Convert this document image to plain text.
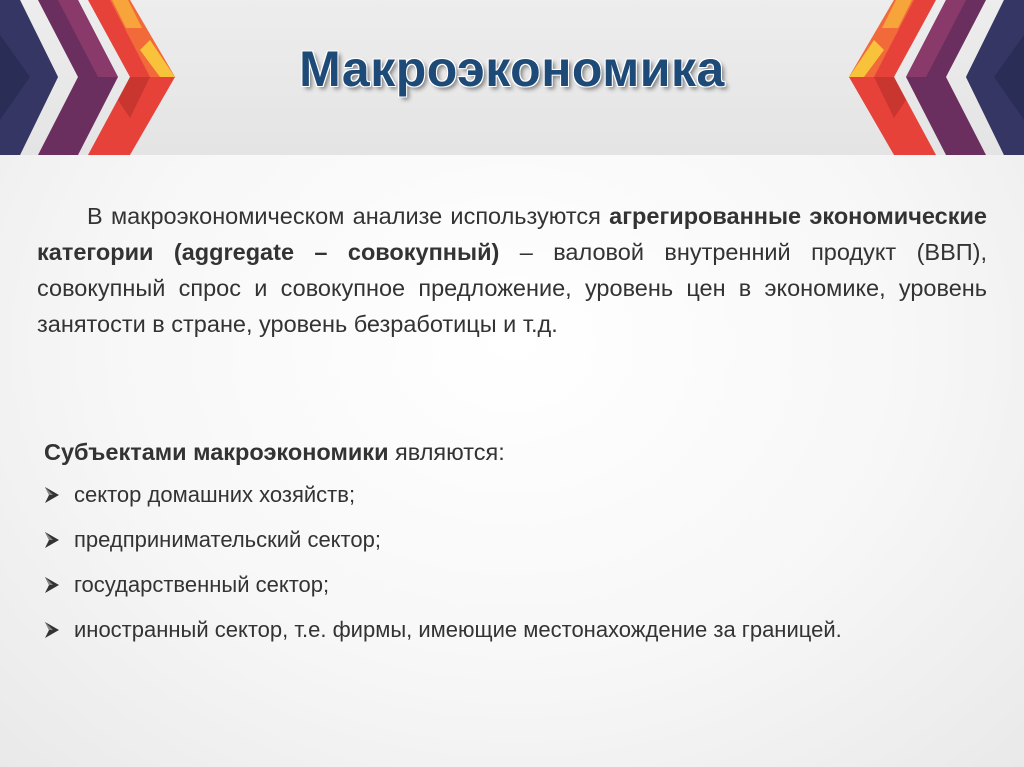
Макроэкономика

В макроэкономическом анализе используются агрегированные экономические категории (aggregate – совокупный) – валовой внутренний продукт (ВВП), совокупный спрос и совокупное предложение, уровень цен в экономике, уровень занятости в стране, уровень безработицы и т.д.

Субъектами макроэкономики являются:
сектор домашних хозяйств;
предпринимательский сектор;
государственный сектор;
иностранный сектор, т.е. фирмы, имеющие местонахождение за границей.
